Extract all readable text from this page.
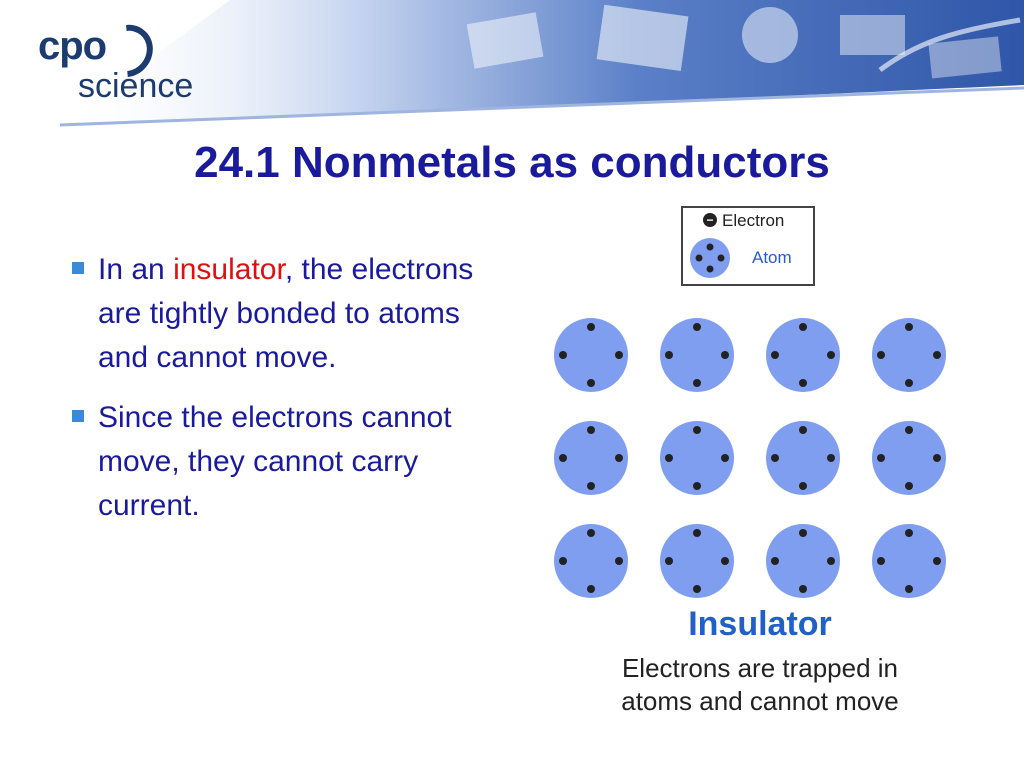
cpo
science
24.1 Nonmetals as conductors
In an insulator, the electrons are tightly bonded to atoms and cannot move.
Since the electrons cannot move, they cannot carry current.
− Electron
Atom
Insulator
Electrons are trapped in
atoms and cannot move
